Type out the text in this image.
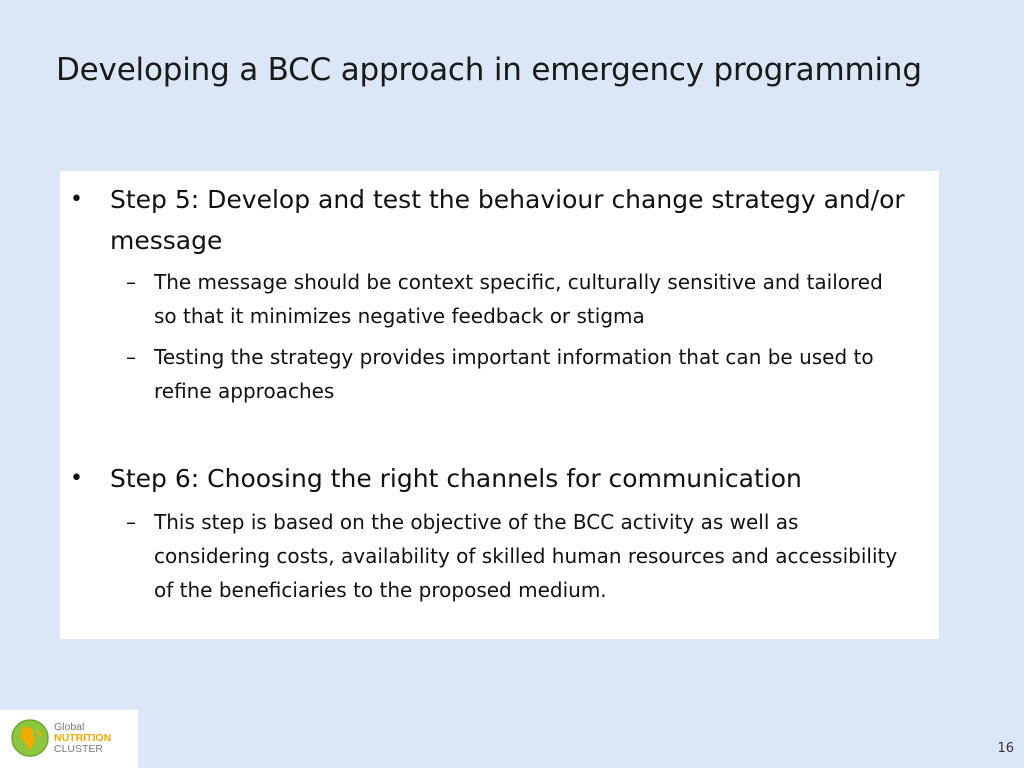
Developing a BCC approach in emergency programming
• Step 5: Develop and test the behaviour change strategy and/or message
– The message should be context specific, culturally sensitive and tailored so that it minimizes negative feedback or stigma
– Testing the strategy provides important information that can be used to refine approaches
• Step 6: Choosing the right channels for communication
– This step is based on the objective of the BCC activity as well as considering costs, availability of skilled human resources and accessibility of the beneficiaries to the proposed medium.
Global
NUTRITION
CLUSTER	16
